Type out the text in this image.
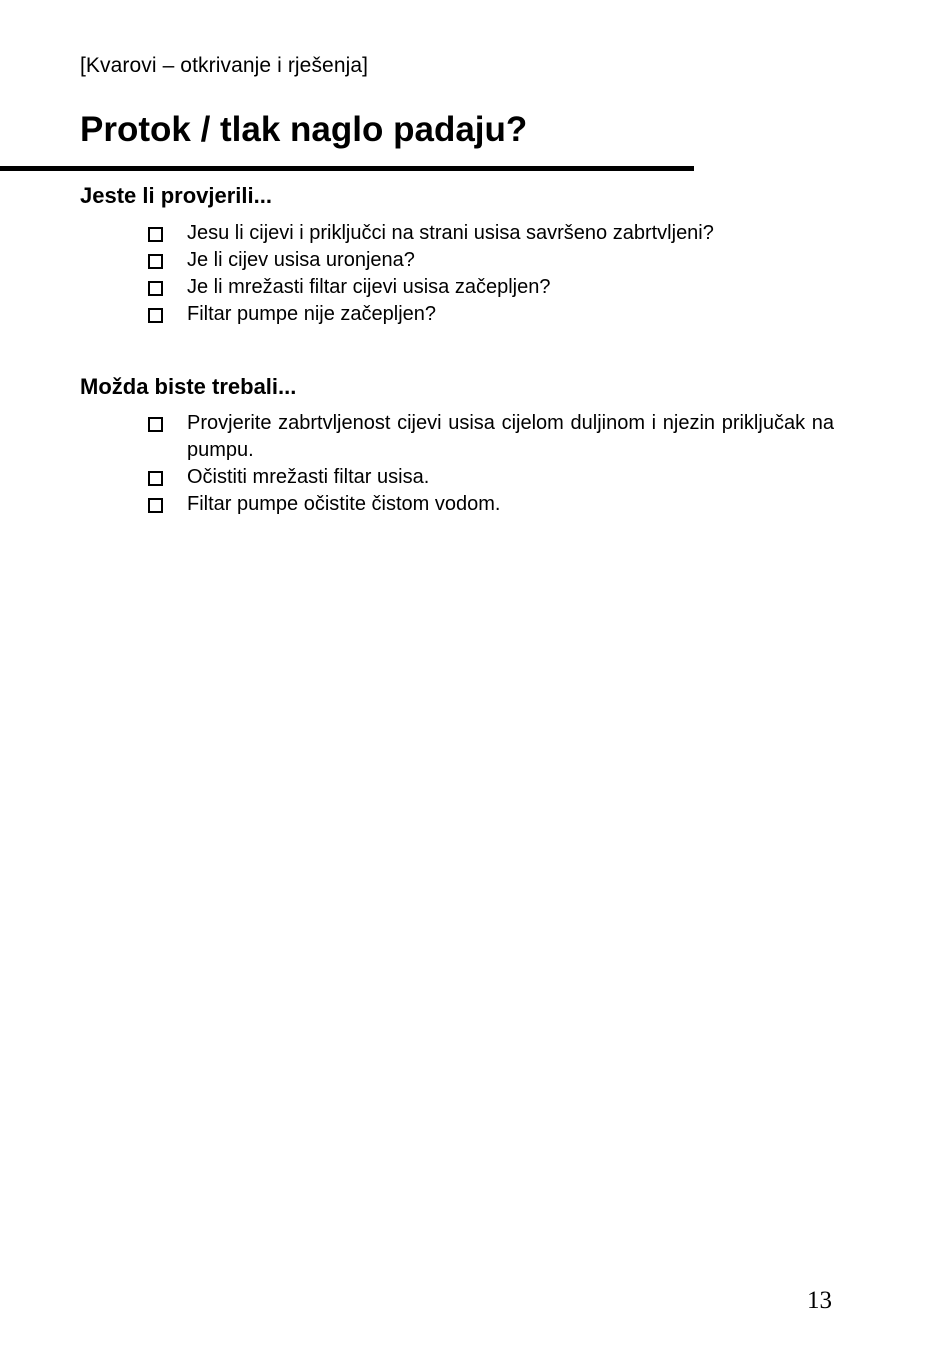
[Kvarovi – otkrivanje i rješenja]
Protok / tlak naglo padaju?
Jeste li provjerili...
Jesu li cijevi i priključci na strani usisa savršeno zabrtvljeni?
Je li cijev usisa uronjena?
Je li mrežasti filtar cijevi usisa začepljen?
Filtar pumpe nije začepljen?
Možda biste trebali...
Provjerite zabrtvljenost cijevi usisa cijelom duljinom i njezin priključak na pumpu.
Očistiti mrežasti filtar usisa.
Filtar pumpe očistite čistom vodom.
13
